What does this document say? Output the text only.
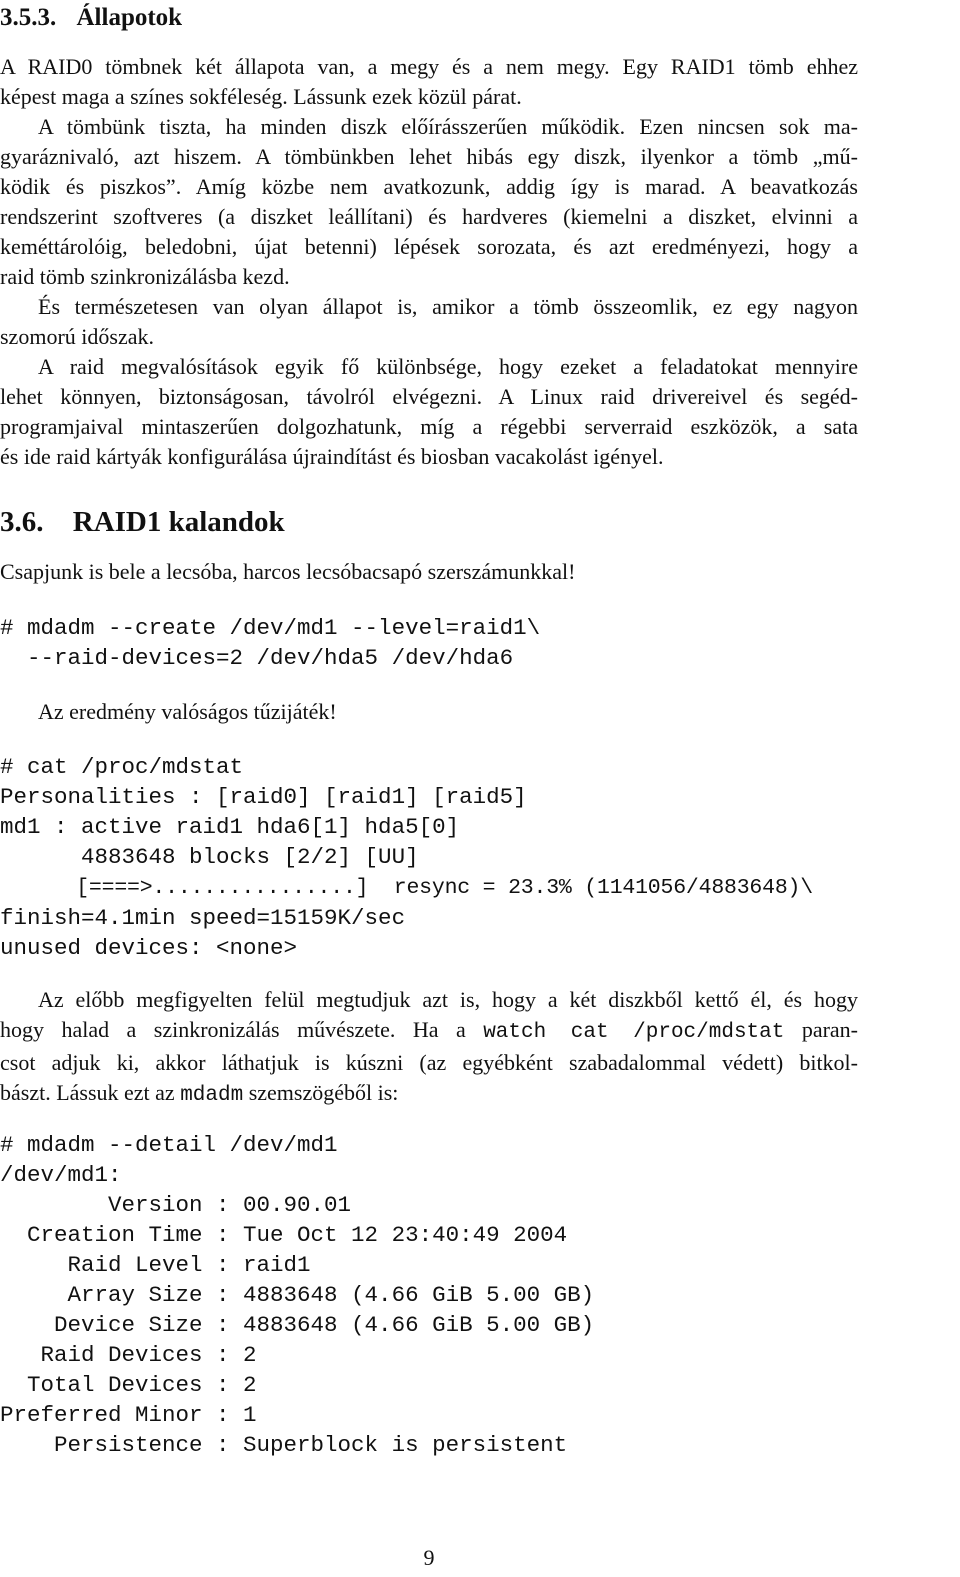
3.5.3. Állapotok

A RAID0 tömbnek két állapota van, a megy és a nem megy. Egy RAID1 tömb ehhez
képest maga a színes sokféleség. Lássunk ezek közül párat.

A tömbünk tiszta, ha minden diszk előírásszerűen működik. Ezen nincsen sok ma-
gyaráznivaló, azt hiszem. A tömbünkben lehet hibás egy diszk, ilyenkor a tömb „mű-
ködik és piszkos”. Amíg közbe nem avatkozunk, addig így is marad. A beavatkozás
rendszerint szoftveres (a diszket leállítani) és hardveres (kiemelni a diszket, elvinni a
keméttárolóig, beledobni, újat betenni) lépések sorozata, és azt eredményezi, hogy a
raid tömb szinkronizálásba kezd.

És természetesen van olyan állapot is, amikor a tömb összeomlik, ez egy nagyon
szomorú időszak.

A raid megvalósítások egyik fő különbsége, hogy ezeket a feladatokat mennyire
lehet könnyen, biztonságosan, távolról elvégezni. A Linux raid drivereivel és segéd-
programjaival mintaszerűen dolgozhatunk, míg a régebbi serverraid eszközök, a sata
és ide raid kártyák konfigurálása újraindítást és biosban vacakolást igényel.

3.6. RAID1 kalandok

Csapjunk is bele a lecsóba, harcos lecsóbacsapó szerszámunkkal!

# mdadm --create /dev/md1 --level=raid1\
--raid-devices=2 /dev/hda5 /dev/hda6

Az eredmény valóságos tűzijáték!

# cat /proc/mdstat
Personalities : [raid0] [raid1] [raid5]
md1 : active raid1 hda6[1] hda5[0]
4883648 blocks [2/2] [UU]
[====>................]  resync = 23.3% (1141056/4883648)\
finish=4.1min speed=15159K/sec
unused devices: <none>

Az előbb megfigyelten felül megtudjuk azt is, hogy a két diszkből kettő él, és hogy
hogy halad a szinkronizálás művészete. Ha a watch cat /proc/mdstat paran-
csot adjuk ki, akkor láthatjuk is kúszni (az egyébként szabadalommal védett) bitkol-
bászt. Lássuk ezt az mdadm szemszögéből is:

# mdadm --detail /dev/md1
/dev/md1:
Version : 00.90.01
Creation Time : Tue Oct 12 23:40:49 2004
Raid Level : raid1
Array Size : 4883648 (4.66 GiB 5.00 GB)
Device Size : 4883648 (4.66 GiB 5.00 GB)
Raid Devices : 2
Total Devices : 2
Preferred Minor : 1
Persistence : Superblock is persistent
9
